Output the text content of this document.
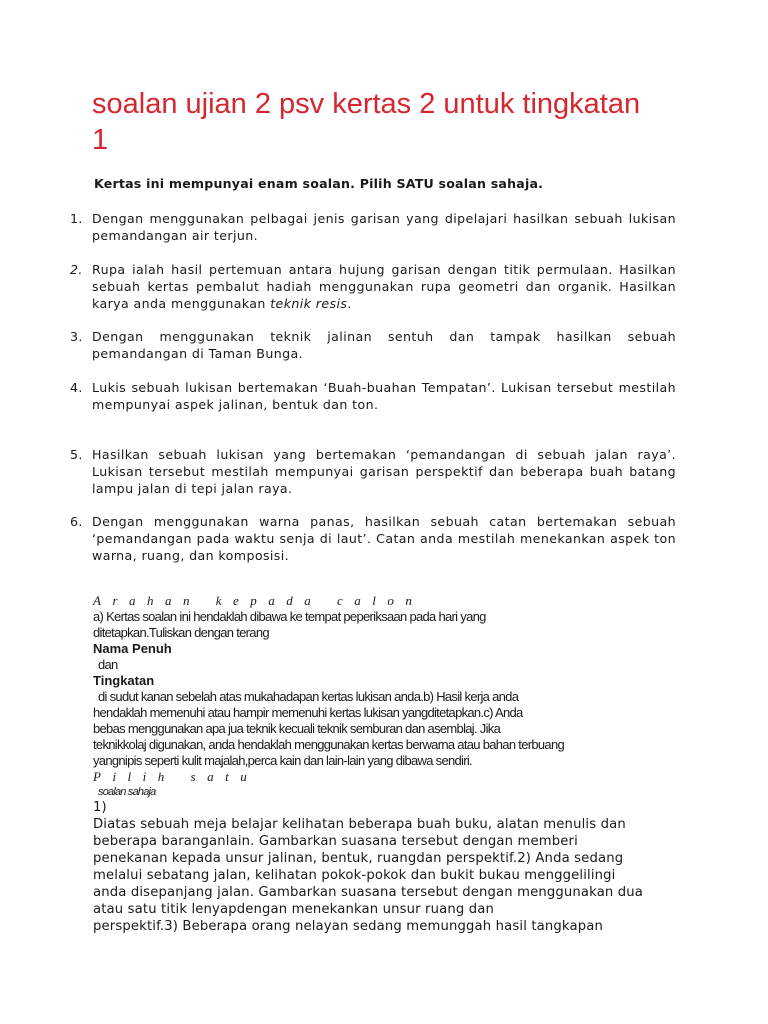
soalan ujian 2 psv kertas 2 untuk tingkatan 1

Kertas ini mempunyai enam soalan. Pilih SATU soalan sahaja.

1. Dengan menggunakan pelbagai jenis garisan yang dipelajari hasilkan sebuah lukisan pemandangan air terjun.
2. Rupa ialah hasil pertemuan antara hujung garisan dengan titik permulaan. Hasilkan sebuah kertas pembalut hadiah menggunakan rupa geometri dan organik. Hasilkan karya anda menggunakan teknik resis.
3. Dengan menggunakan teknik jalinan sentuh dan tampak hasilkan sebuah pemandangan di Taman Bunga.
4. Lukis sebuah lukisan bertemakan ‘Buah-buahan Tempatan’. Lukisan tersebut mestilah mempunyai aspek jalinan, bentuk dan ton.
5. Hasilkan sebuah lukisan yang bertemakan ‘pemandangan di sebuah jalan raya’. Lukisan tersebut mestilah mempunyai garisan perspektif dan beberapa buah batang lampu jalan di tepi jalan raya.
6. Dengan menggunakan warna panas, hasilkan sebuah catan bertemakan sebuah ‘pemandangan pada waktu senja di laut’. Catan anda mestilah menekankan aspek ton warna, ruang, dan komposisi.
Arahan kepada calon
a) Kertas soalan ini hendaklah dibawa ke tempat peperiksaan pada hari yang
ditetapkan.Tuliskan dengan terang
Nama Penuh
dan
Tingkatan
di sudut kanan sebelah atas mukahadapan kertas lukisan anda.b) Hasil kerja anda
hendaklah memenuhi atau hampir memenuhi kertas lukisan yangditetapkan.c) Anda
bebas menggunakan apa jua teknik kecuali teknik semburan dan asemblaj. Jika
teknikkolaj digunakan, anda hendaklah menggunakan kertas berwarna atau bahan terbuang
yangnipis seperti kulit majalah,perca kain dan lain-lain yang dibawa sendiri.
Pilih satu
soalan sahaja
1)
Diatas sebuah meja belajar kelihatan beberapa buah buku, alatan menulis dan
beberapa baranganlain. Gambarkan suasana tersebut dengan memberi
penekanan kepada unsur jalinan, bentuk, ruangdan perspektif.2) Anda sedang
melalui sebatang jalan, kelihatan pokok-pokok dan bukit bukau menggelilingi
anda disepanjang jalan. Gambarkan suasana tersebut dengan menggunakan dua
atau satu titik lenyapdengan menekankan unsur ruang dan
perspektif.3) Beberapa orang nelayan sedang memunggah hasil tangkapan
